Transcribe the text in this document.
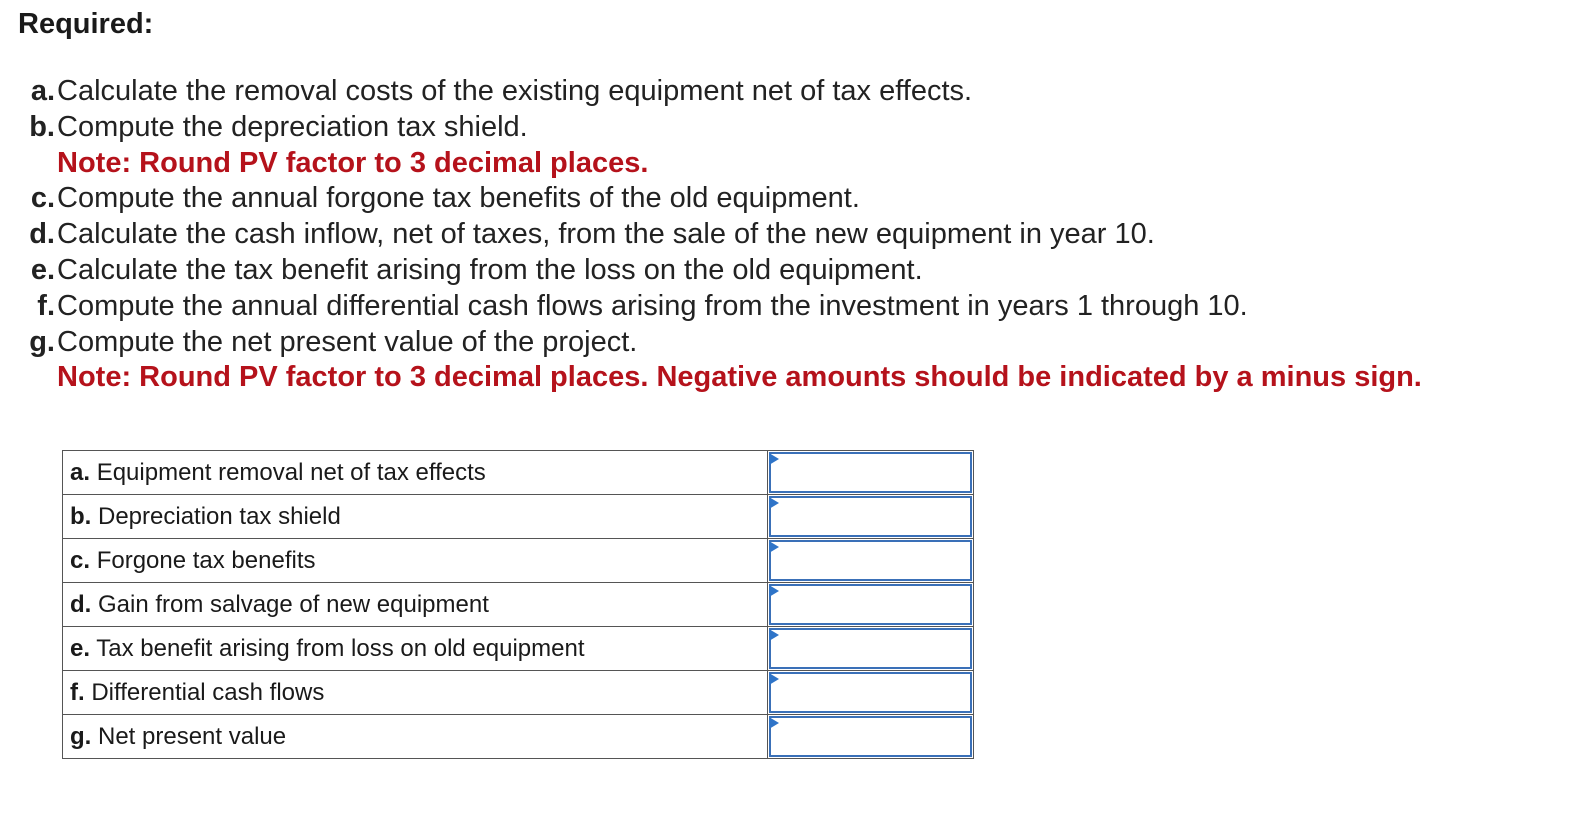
Required:
a. Calculate the removal costs of the existing equipment net of tax effects.
b. Compute the depreciation tax shield.
Note: Round PV factor to 3 decimal places.
c. Compute the annual forgone tax benefits of the old equipment.
d. Calculate the cash inflow, net of taxes, from the sale of the new equipment in year 10.
e. Calculate the tax benefit arising from the loss on the old equipment.
f. Compute the annual differential cash flows arising from the investment in years 1 through 10.
g. Compute the net present value of the project.
Note: Round PV factor to 3 decimal places. Negative amounts should be indicated by a minus sign.
a. Equipment removal net of tax effects	

b. Depreciation tax shield	

c. Forgone tax benefits	

d. Gain from salvage of new equipment	

e. Tax benefit arising from loss on old equipment	

f. Differential cash flows	

g. Net present value	
